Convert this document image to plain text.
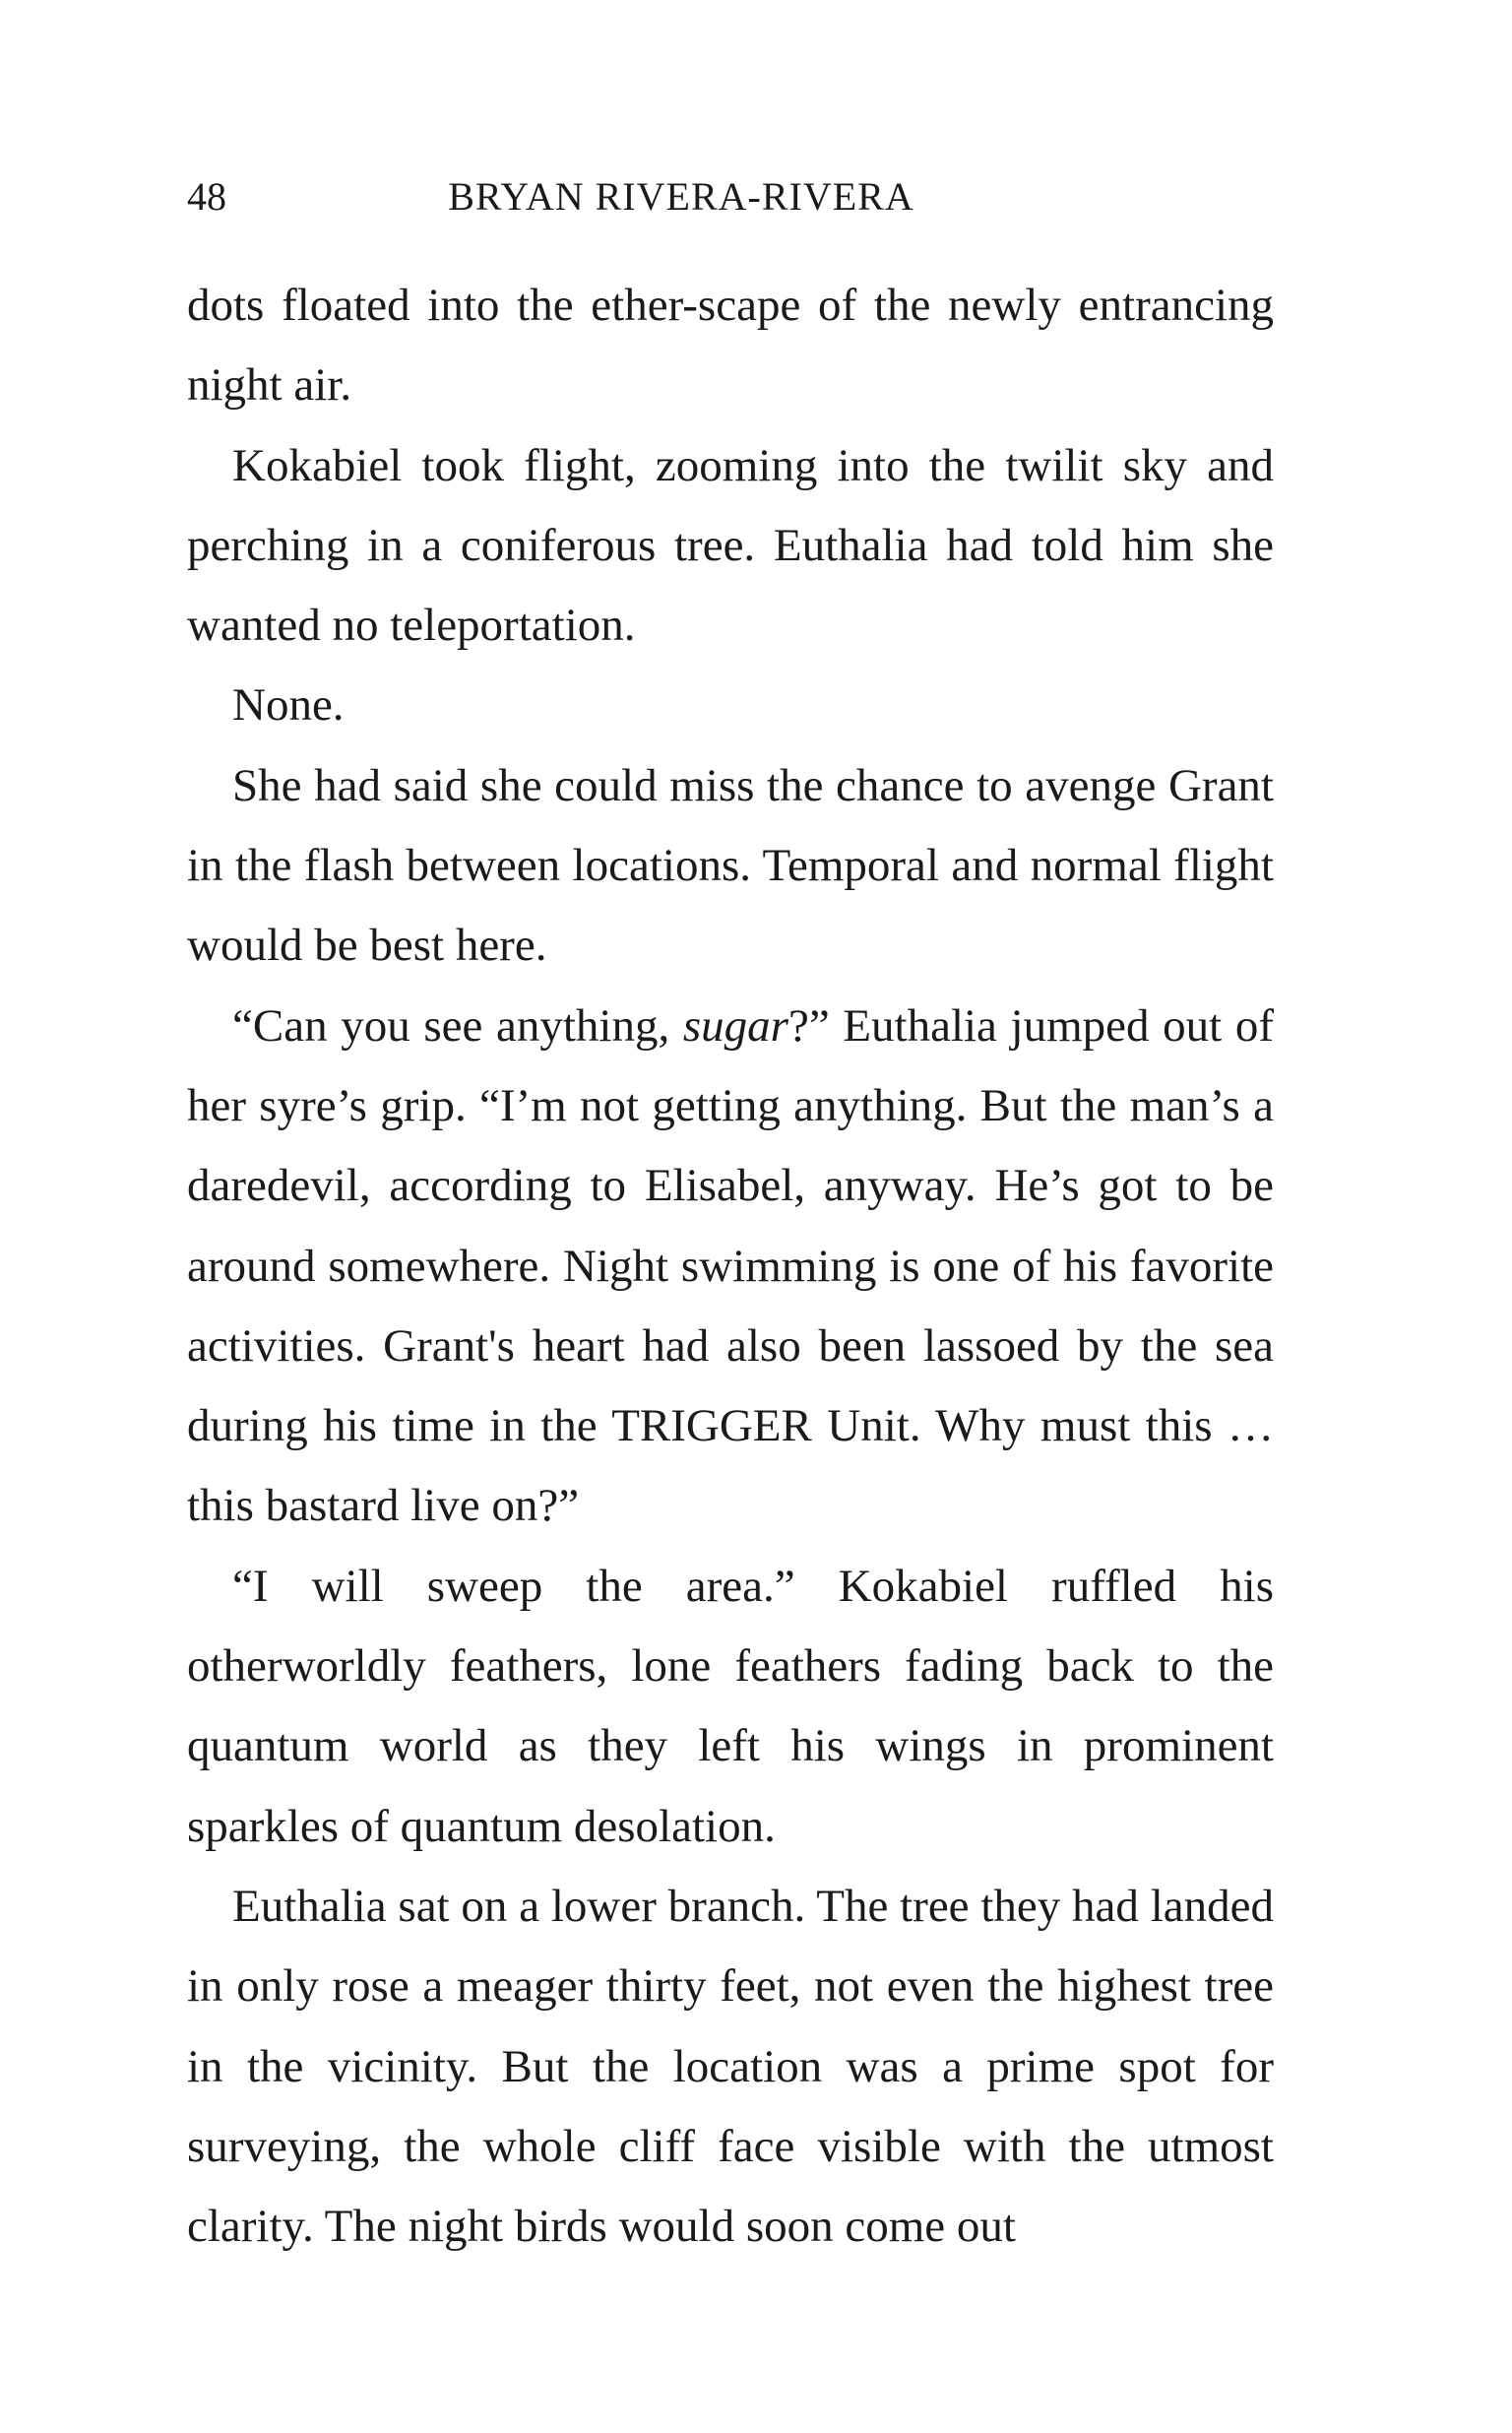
48	BRYAN RIVERA-RIVERA

dots floated into the ether-scape of the newly entrancing night air.

Kokabiel took flight, zooming into the twilit sky and perching in a coniferous tree. Euthalia had told him she wanted no teleportation.

None.

She had said she could miss the chance to avenge Grant in the flash between locations. Temporal and normal flight would be best here.

“Can you see anything, sugar?” Euthalia jumped out of her syre’s grip. “I’m not getting anything. But the man’s a daredevil, according to Elisabel, anyway. He’s got to be around somewhere. Night swimming is one of his favorite activities. Grant's heart had also been lassoed by the sea during his time in the TRIGGER Unit. Why must this … this bastard live on?”

“I will sweep the area.” Kokabiel ruffled his otherworldly feathers, lone feathers fading back to the quantum world as they left his wings in prominent sparkles of quantum desolation.

Euthalia sat on a lower branch. The tree they had landed in only rose a meager thirty feet, not even the highest tree in the vicinity. But the location was a prime spot for surveying, the whole cliff face visible with the utmost clarity. The night birds would soon come out
